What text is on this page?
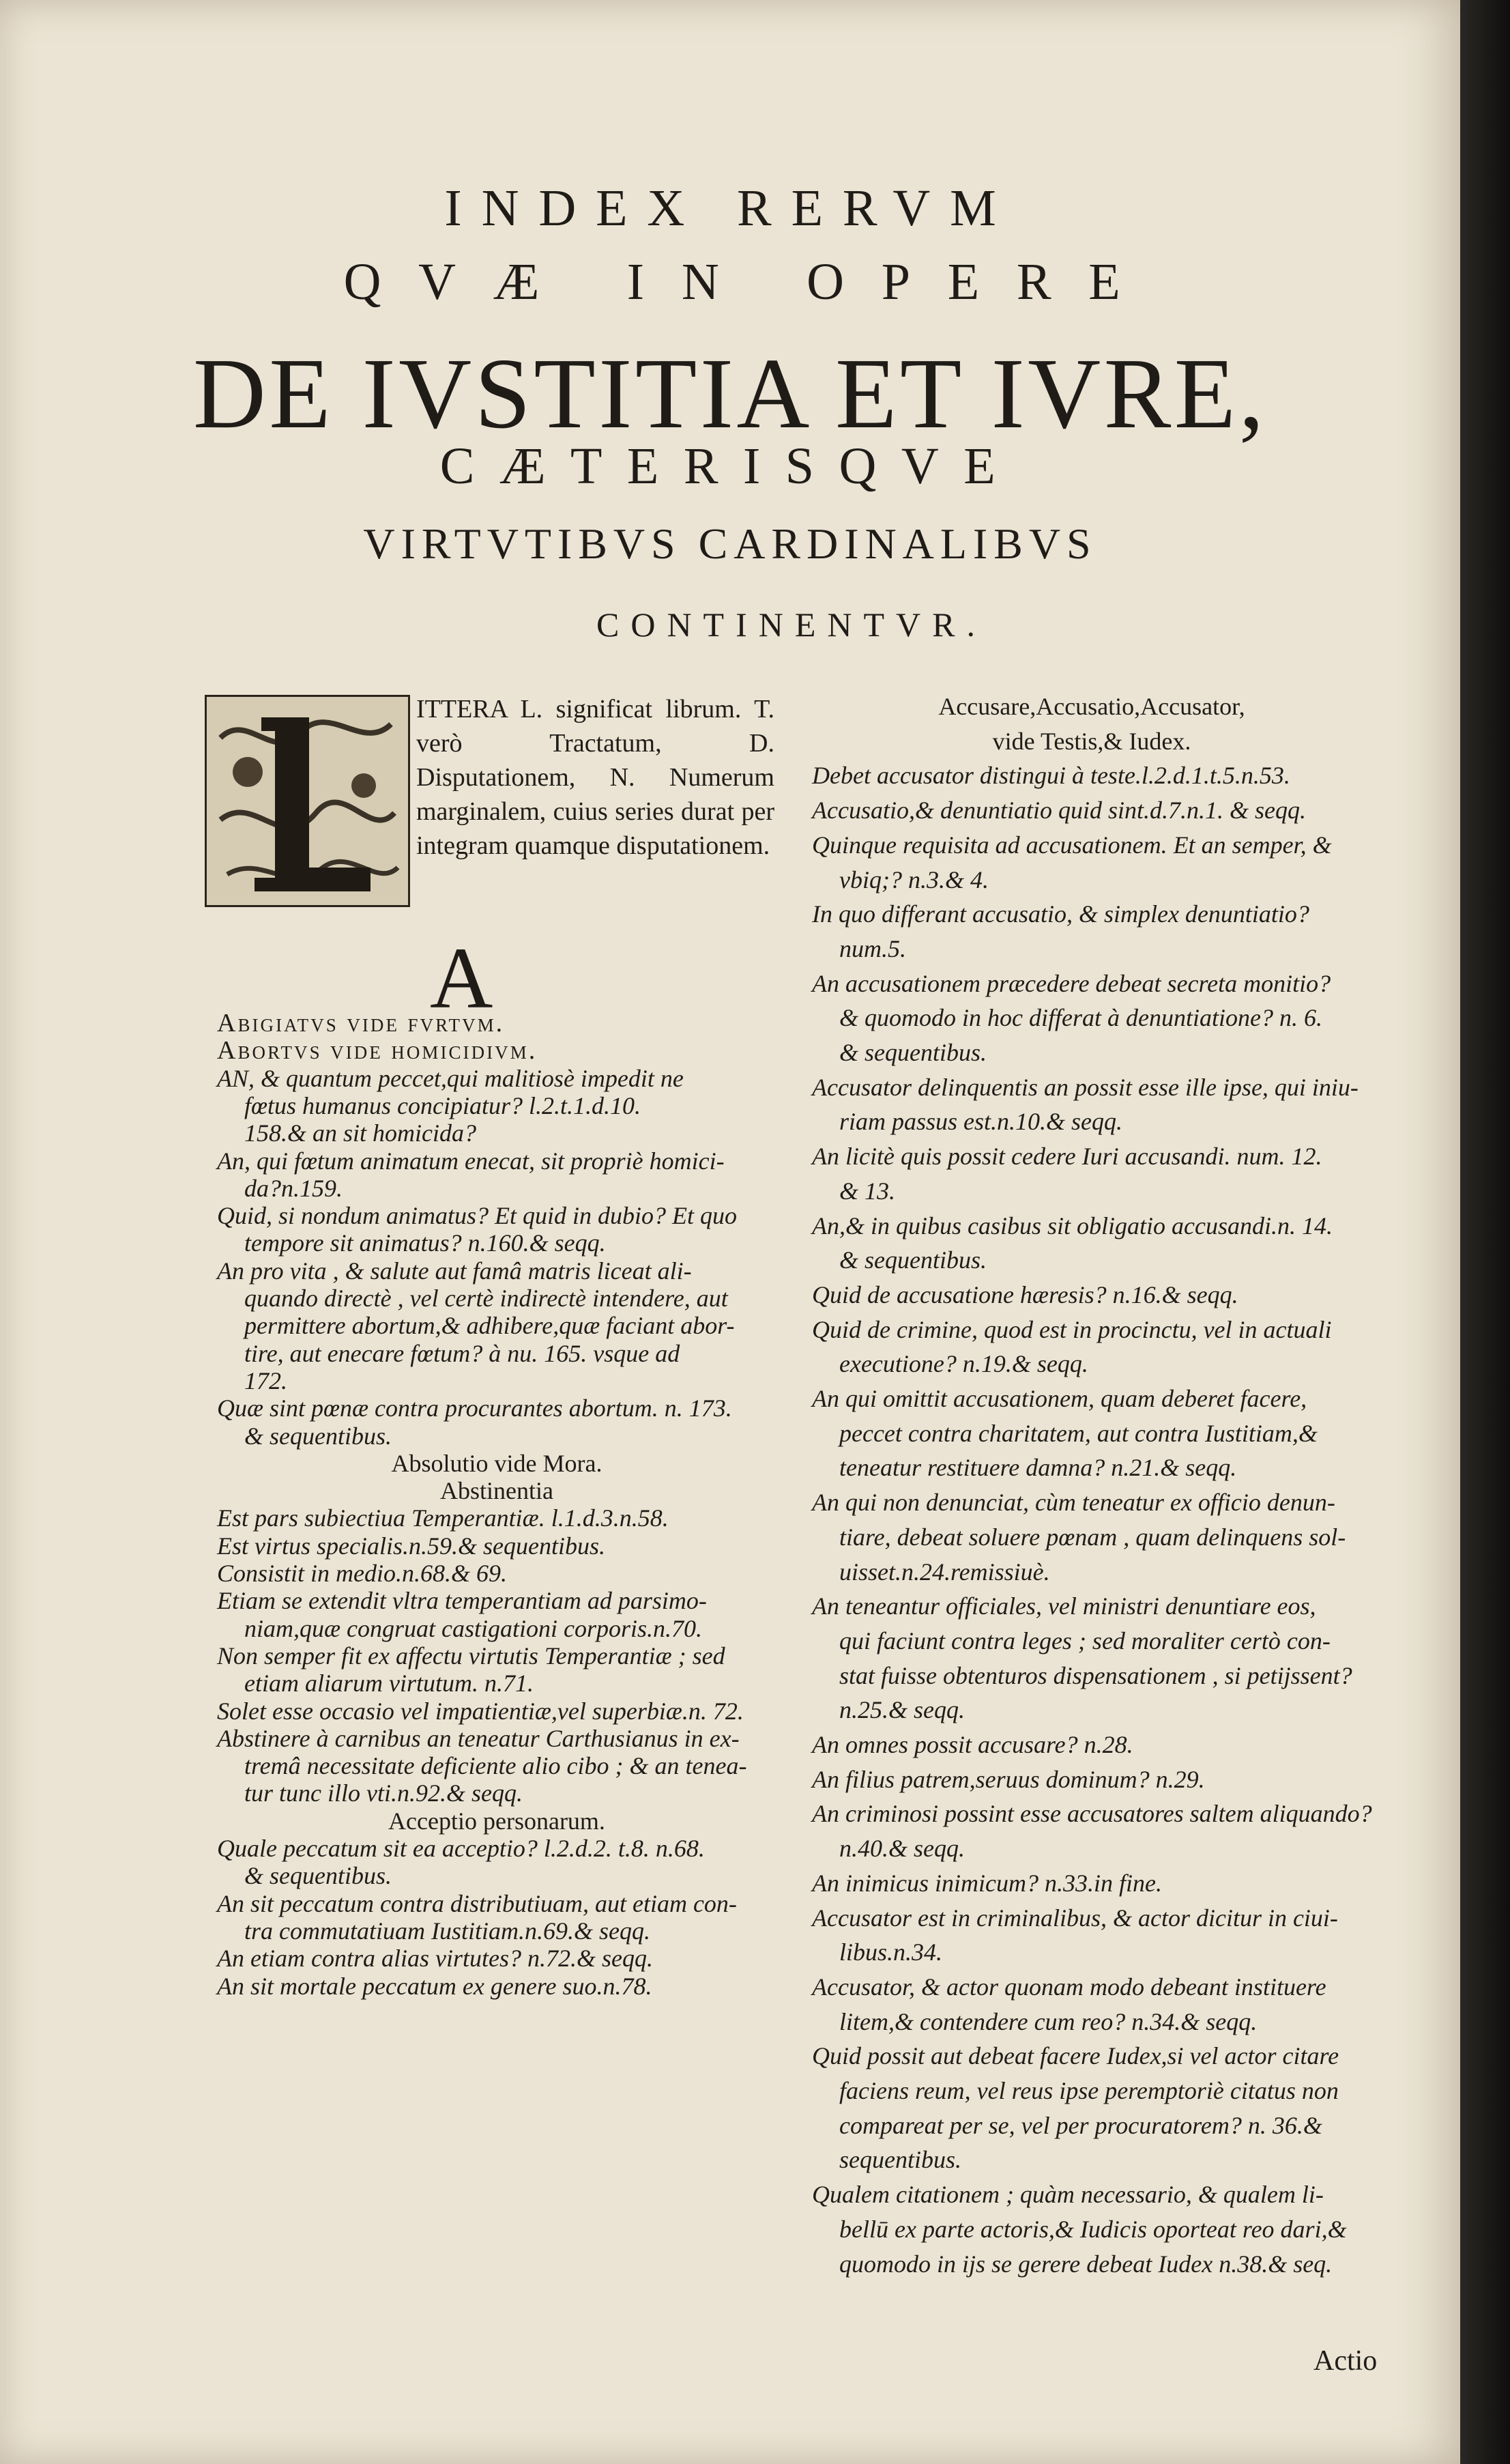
INDEX RERVM
QVÆ IN OPERE
DE IVSTITIA ET IVRE,
CÆTERISQVE
VIRTVTIBVS CARDINALIBVS
CONTINENTVR.
ITTERA L. significat librum. T. verò Tractatum, D. Disputationem, N. Numerum marginalem, cuius series durat per integram quamque disputationem.
A
Abigiatvs vide fvrtvm.
Abortvs vide homicidivm.
AN, & quantum peccet,qui malitiosè impedit ne
fœtus humanus concipiatur? l.2.t.1.d.10.
158.& an sit homicida?
An, qui fœtum animatum enecat, sit propriè homici-
da?n.159.
Quid, si nondum animatus? Et quid in dubio? Et quo
tempore sit animatus? n.160.& seqq.
An pro vita , & salute aut famâ matris liceat ali-
quando directè , vel certè indirectè intendere, aut
permittere abortum,& adhibere,quæ faciant abor-
tire, aut enecare fœtum? à nu. 165. vsque ad
172.
Quæ sint pœnæ contra procurantes abortum. n. 173.
& sequentibus.
Absolutio vide Mora.
Abstinentia
Est pars subiectiua Temperantiæ. l.1.d.3.n.58.
Est virtus specialis.n.59.& sequentibus.
Consistit in medio.n.68.& 69.
Etiam se extendit vltra temperantiam ad parsimo-
niam,quæ congruat castigationi corporis.n.70.
Non semper fit ex affectu virtutis Temperantiæ ; sed
etiam aliarum virtutum. n.71.
Solet esse occasio vel impatientiæ,vel superbiæ.n. 72.
Abstinere à carnibus an teneatur Carthusianus in ex-
tremâ necessitate deficiente alio cibo ; & an tenea-
tur tunc illo vti.n.92.& seqq.
Acceptio personarum.
Quale peccatum sit ea acceptio? l.2.d.2. t.8. n.68.
& sequentibus.
An sit peccatum contra distributiuam, aut etiam con-
tra commutatiuam Iustitiam.n.69.& seqq.
An etiam contra alias virtutes? n.72.& seqq.
An sit mortale peccatum ex genere suo.n.78.
Accusare,Accusatio,Accusator,
vide Testis,& Iudex.
Debet accusator distingui à teste.l.2.d.1.t.5.n.53.
Accusatio,& denuntiatio quid sint.d.7.n.1. & seqq.
Quinque requisita ad accusationem. Et an semper, &
vbiq;? n.3.& 4.
In quo differant accusatio, & simplex denuntiatio?
num.5.
An accusationem præcedere debeat secreta monitio?
& quomodo in hoc differat à denuntiatione? n. 6.
& sequentibus.
Accusator delinquentis an possit esse ille ipse, qui iniu-
riam passus est.n.10.& seqq.
An licitè quis possit cedere Iuri accusandi. num. 12.
& 13.
An,& in quibus casibus sit obligatio accusandi.n. 14.
& sequentibus.
Quid de accusatione hæresis? n.16.& seqq.
Quid de crimine, quod est in procinctu, vel in actuali
executione? n.19.& seqq.
An qui omittit accusationem, quam deberet facere,
peccet contra charitatem, aut contra Iustitiam,&
teneatur restituere damna? n.21.& seqq.
An qui non denunciat, cùm teneatur ex officio denun-
tiare, debeat soluere pœnam , quam delinquens sol-
uisset.n.24.remissiuè.
An teneantur officiales, vel ministri denuntiare eos,
qui faciunt contra leges ; sed moraliter certò con-
stat fuisse obtenturos dispensationem , si petijssent?
n.25.& seqq.
An omnes possit accusare? n.28.
An filius patrem,seruus dominum? n.29.
An criminosi possint esse accusatores saltem aliquando?
n.40.& seqq.
An inimicus inimicum? n.33.in fine.
Accusator est in criminalibus, & actor dicitur in ciui-
libus.n.34.
Accusator, & actor quonam modo debeant instituere
litem,& contendere cum reo? n.34.& seqq.
Quid possit aut debeat facere Iudex,si vel actor citare
faciens reum, vel reus ipse peremptoriè citatus non
compareat per se, vel per procuratorem? n. 36.&
sequentibus.
Qualem citationem ; quàm necessario, & qualem li-
bellū ex parte actoris,& Iudicis oporteat reo dari,&
quomodo in ijs se gerere debeat Iudex n.38.& seq.
Actio
